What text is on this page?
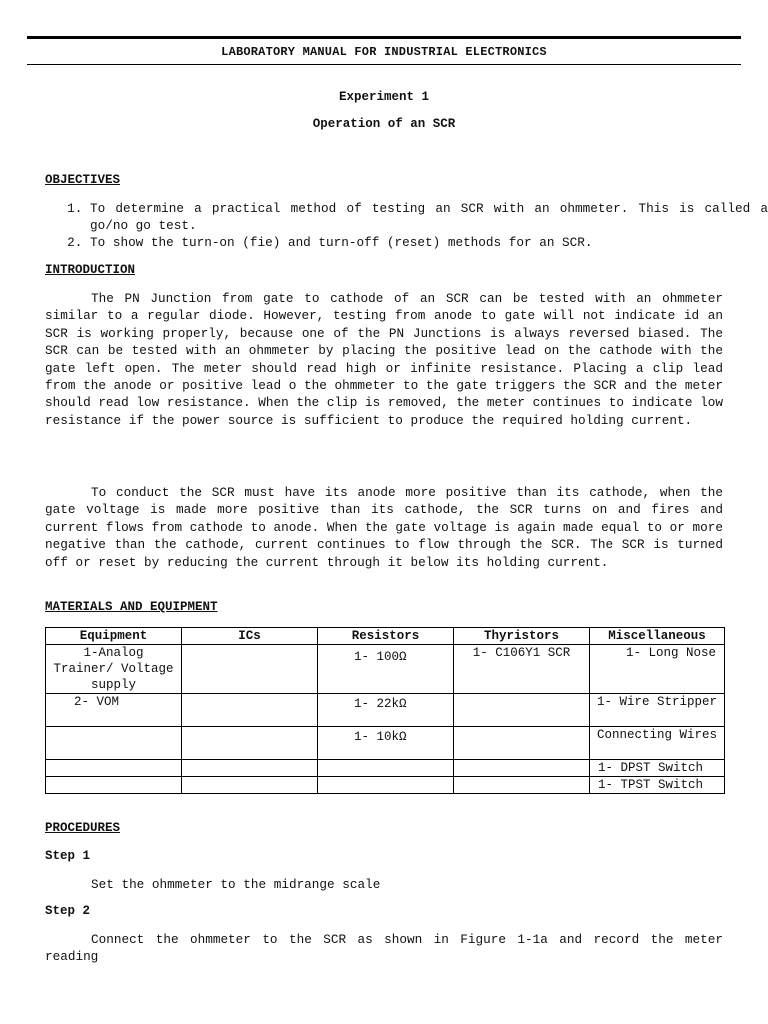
LABORATORY MANUAL FOR INDUSTRIAL ELECTRONICS
Experiment 1
Operation of an SCR
OBJECTIVES
1. To determine a practical method of testing an SCR with an ohmmeter. This is called a go/no go test.
2. To show the turn-on (fie) and turn-off (reset) methods for an SCR.
INTRODUCTION

The PN Junction from gate to cathode of an SCR can be tested with an ohmmeter similar to a regular diode. However, testing from anode to gate will not indicate id an SCR is working properly, because one of the PN Junctions is always reversed biased. The SCR can be tested with an ohmmeter by placing the positive lead on the cathode with the gate left open. The meter should read high or infinite resistance. Placing a clip lead from the anode or positive lead o the ohmmeter to the gate triggers the SCR and the meter should read low resistance. When the clip is removed, the meter continues to indicate low resistance if the power source is sufficient to produce the required holding current.

To conduct the SCR must have its anode more positive than its cathode, when the gate voltage is made more positive than its cathode, the SCR turns on and fires and current flows from cathode to anode. When the gate voltage is again made equal to or more negative than the cathode, current continues to flow through the SCR. The SCR is turned off or reset by reducing the current through it below its holding current.

MATERIALS AND EQUIPMENT
Equipment	ICs	Resistors	Thyristors	Miscellaneous
1-Analog Trainer/ Voltage supply		1- 100Ω	1- C106Y1 SCR	1- Long Nose
2- VOM		1- 22kΩ		1- Wire Stripper
		1- 10kΩ		Connecting Wires
				1- DPST Switch
				1- TPST Switch
PROCEDURES
Step 1

Set the ohmmeter to the midrange scale

Step 2

Connect the ohmmeter to the SCR as shown in Figure 1-1a and record the meter reading
